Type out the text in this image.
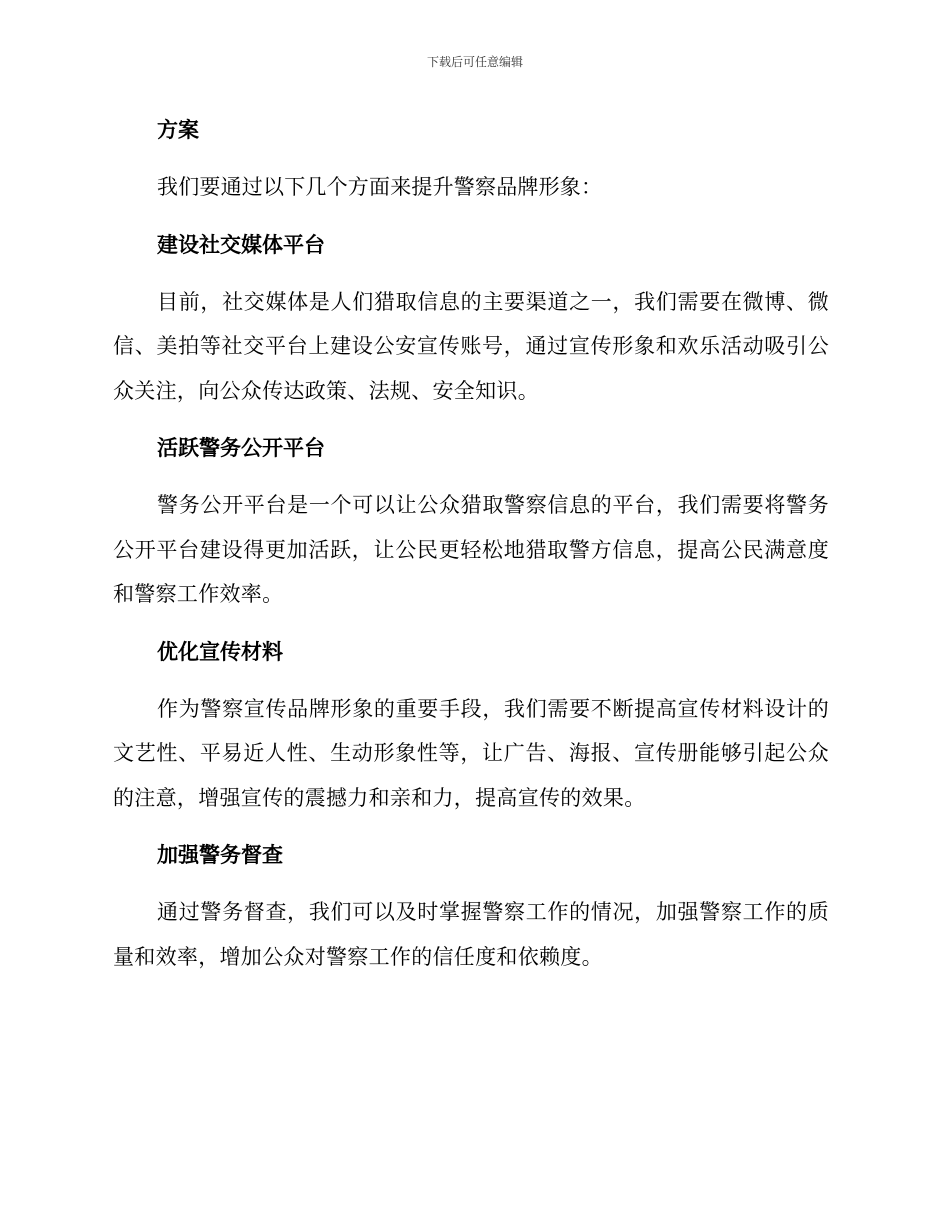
下载后可任意编辑
方案

我们要通过以下几个方面来提升警察品牌形象：

建设社交媒体平台

目前，社交媒体是人们猎取信息的主要渠道之一，我们需要在微博、微信、美拍等社交平台上建设公安宣传账号，通过宣传形象和欢乐活动吸引公众关注，向公众传达政策、法规、安全知识。

活跃警务公开平台

警务公开平台是一个可以让公众猎取警察信息的平台，我们需要将警务公开平台建设得更加活跃，让公民更轻松地猎取警方信息，提高公民满意度和警察工作效率。

优化宣传材料

作为警察宣传品牌形象的重要手段，我们需要不断提高宣传材料设计的文艺性、平易近人性、生动形象性等，让广告、海报、宣传册能够引起公众的注意，增强宣传的震撼力和亲和力，提高宣传的效果。

加强警务督查

通过警务督查，我们可以及时掌握警察工作的情况，加强警察工作的质量和效率，增加公众对警察工作的信任度和依赖度。
